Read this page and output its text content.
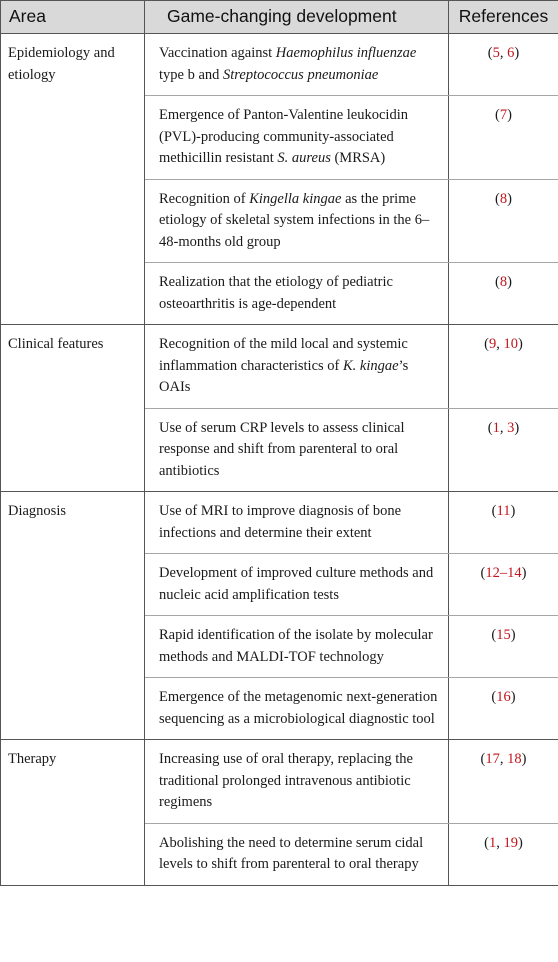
Area	Game-changing development	References
Epidemiology and etiology	Vaccination against Haemophilus influenzae type b and Streptococcus pneumoniae	(5, 6)
	Emergence of Panton-Valentine leukocidin (PVL)-producing community-associated methicillin resistant S. aureus (MRSA)	(7)
	Recognition of Kingella kingae as the prime etiology of skeletal system infections in the 6–48-months old group	(8)
	Realization that the etiology of pediatric osteoarthritis is age-dependent	(8)
Clinical features	Recognition of the mild local and systemic inflammation characteristics of K. kingae’s OAIs	(9, 10)
	Use of serum CRP levels to assess clinical response and shift from parenteral to oral antibiotics	(1, 3)
Diagnosis	Use of MRI to improve diagnosis of bone infections and determine their extent	(11)
	Development of improved culture methods and nucleic acid amplification tests	(12–14)
	Rapid identification of the isolate by molecular methods and MALDI-TOF technology	(15)
	Emergence of the metagenomic next-generation sequencing as a microbiological diagnostic tool	(16)
Therapy	Increasing use of oral therapy, replacing the traditional prolonged intravenous antibiotic regimens	(17, 18)
	Abolishing the need to determine serum cidal levels to shift from parenteral to oral therapy	(1, 19)
